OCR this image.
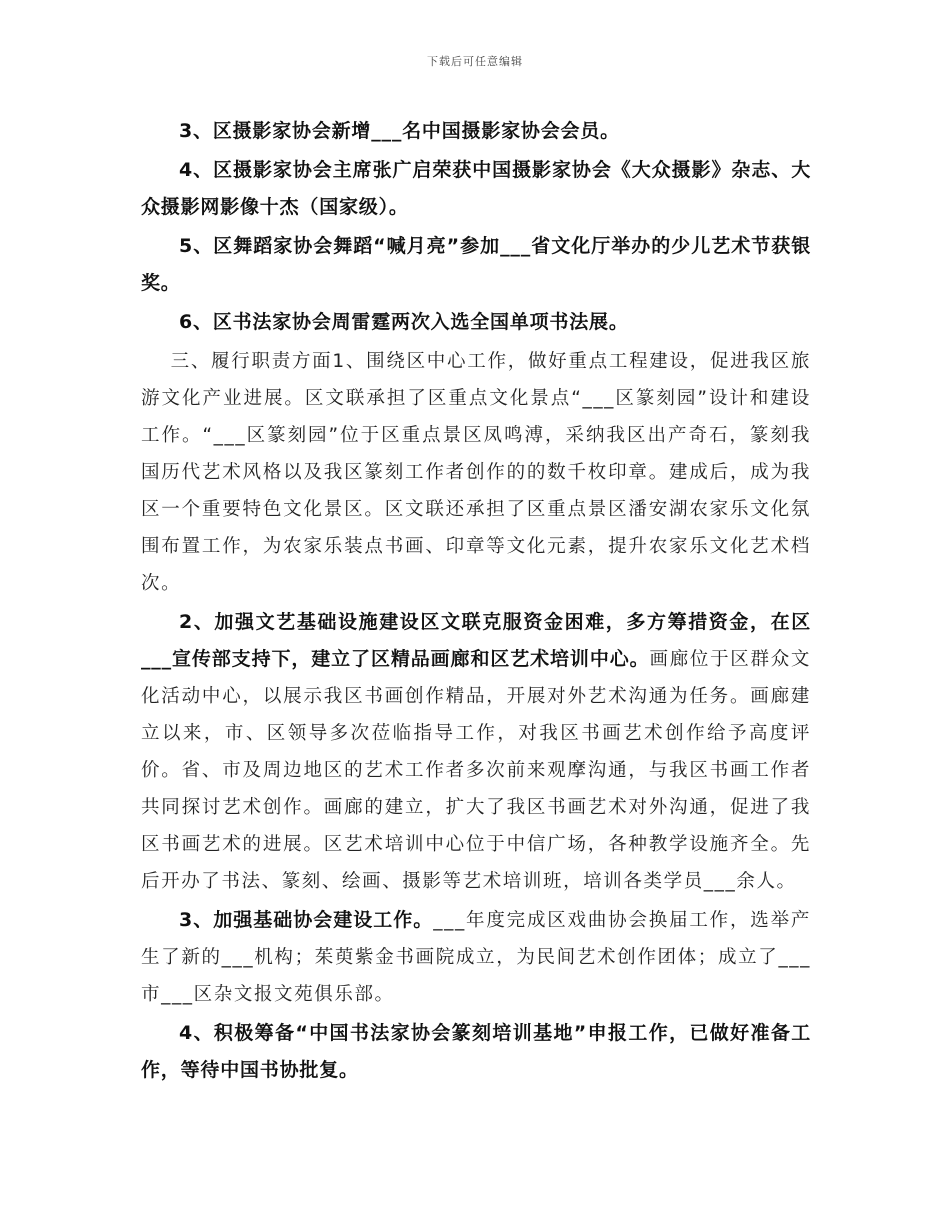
下载后可任意编辑

3、区摄影家协会新增___名中国摄影家协会会员。

4、区摄影家协会主席张广启荣获中国摄影家协会《大众摄影》杂志、大众摄影网影像十杰（国家级）。

5、区舞蹈家协会舞蹈“喊月亮”参加___省文化厅举办的少儿艺术节获银奖。

6、区书法家协会周雷霆两次入选全国单项书法展。

三、履行职责方面1、围绕区中心工作，做好重点工程建设，促进我区旅游文化产业进展。区文联承担了区重点文化景点“___区篆刻园”设计和建设工作。“___区篆刻园”位于区重点景区凤鸣溥，采纳我区出产奇石，篆刻我国历代艺术风格以及我区篆刻工作者创作的的数千枚印章。建成后，成为我区一个重要特色文化景区。区文联还承担了区重点景区潘安湖农家乐文化氛围布置工作，为农家乐装点书画、印章等文化元素，提升农家乐文化艺术档次。

2、加强文艺基础设施建设区文联克服资金困难，多方筹措资金，在区___宣传部支持下，建立了区精品画廊和区艺术培训中心。画廊位于区群众文化活动中心，以展示我区书画创作精品，开展对外艺术沟通为任务。画廊建立以来，市、区领导多次莅临指导工作，对我区书画艺术创作给予高度评价。省、市及周边地区的艺术工作者多次前来观摩沟通，与我区书画工作者共同探讨艺术创作。画廊的建立，扩大了我区书画艺术对外沟通，促进了我区书画艺术的进展。区艺术培训中心位于中信广场，各种教学设施齐全。先后开办了书法、篆刻、绘画、摄影等艺术培训班，培训各类学员___余人。

3、加强基础协会建设工作。___年度完成区戏曲协会换届工作，选举产生了新的___机构；茱萸紫金书画院成立，为民间艺术创作团体；成立了___市___区杂文报文苑俱乐部。

4、积极筹备“中国书法家协会篆刻培训基地”申报工作，已做好准备工作，等待中国书协批复。
